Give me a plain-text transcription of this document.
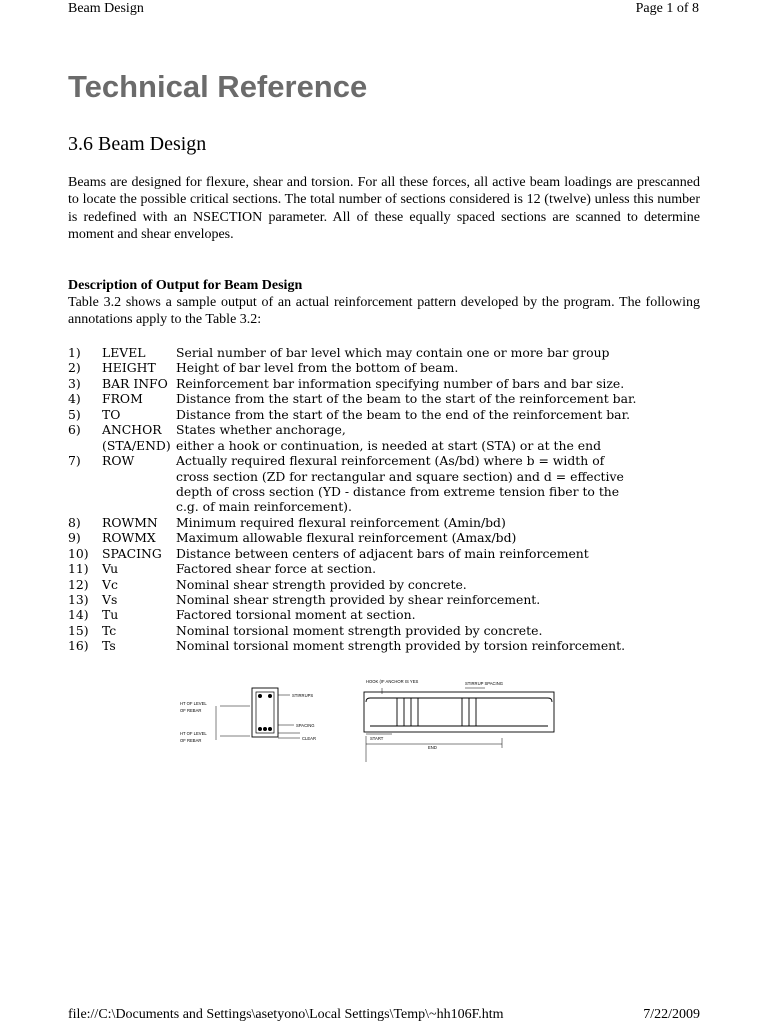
Beam Design	Page 1 of 8
Technical Reference
3.6 Beam Design

Beams are designed for flexure, shear and torsion. For all these forces, all active beam loadings are prescanned to locate the possible critical sections. The total number of sections considered is 12 (twelve) unless this number is redefined with an NSECTION parameter. All of these equally spaced sections are scanned to determine moment and shear envelopes.

Description of Output for Beam Design

Table 3.2 shows a sample output of an actual reinforcement pattern developed by the program. The following annotations apply to the Table 3.2:

1) LEVEL Serial number of bar level which may contain one or more bar group
2) HEIGHT Height of bar level from the bottom of beam.
3) BAR INFO Reinforcement bar information specifying number of bars and bar size.
4) FROM	Distance from the start of the beam to the start of the reinforcement bar.
5) TO	Distance from the start of the beam to the end of the reinforcement bar.
6) ANCHOR States whether anchorage,
(STA/END) either a hook or continuation, is needed at start (STA) or at the end
7) ROW	Actually required flexural reinforcement (As/bd) where b = width of
cross section (ZD for rectangular and square section) and d = effective
depth of cross section (YD - distance from extreme tension fiber to the
c.g. of main reinforcement).
8) ROWMN Minimum required flexural reinforcement (Amin/bd)
9) ROWMX Maximum allowable flexural reinforcement (Amax/bd)
10) SPACING Distance between centers of adjacent bars of main reinforcement
11) Vu	Factored shear force at section.
12) Vc	Nominal shear strength provided by concrete.
13) Vs	Nominal shear strength provided by shear reinforcement.
14) Tu	Factored torsional moment at section.
15) Tc	Nominal torsional moment strength provided by concrete.
16) Ts	Nominal torsional moment strength provided by torsion reinforcement.
HT OF LEVEL
OF REBAR
HT OF LEVEL
OF REBAR
STIRRUPS
SPACING
CLEAR
HOOK (IF ANCHOR IS YES	STIRRUP SPACING
START
END
file://C:\Documents and Settings\asetyono\Local Settings\Temp\~hh106F.htm	7/22/2009
